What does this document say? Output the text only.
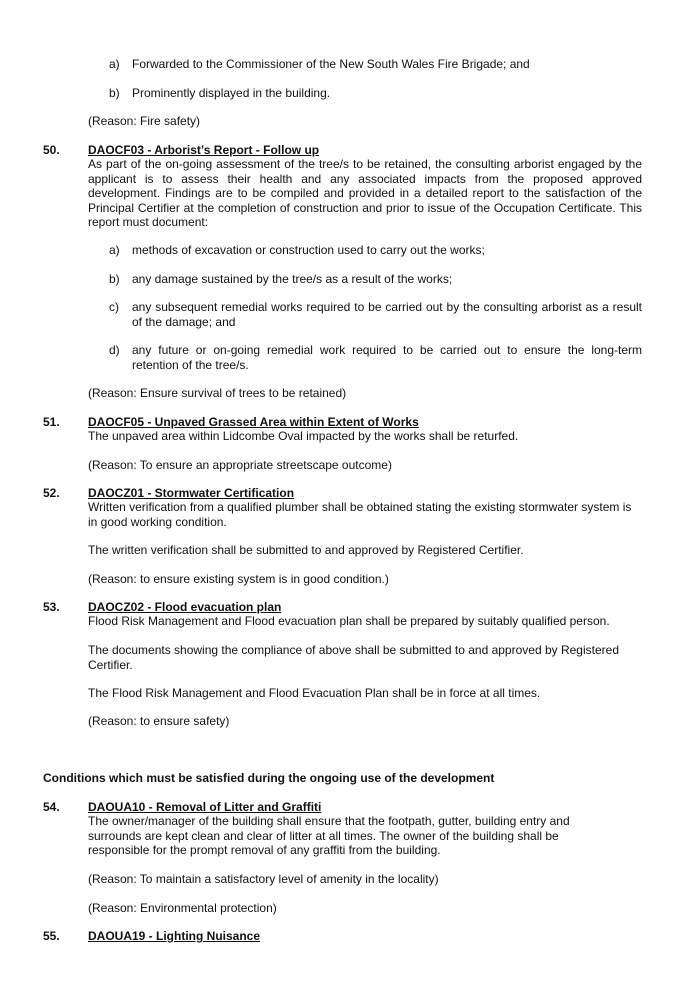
a) Forwarded to the Commissioner of the New South Wales Fire Brigade; and
b) Prominently displayed in the building.
(Reason: Fire safety)
50. DAOCF03 - Arborist’s Report - Follow up
As part of the on-going assessment of the tree/s to be retained, the consulting arborist engaged by the applicant is to assess their health and any associated impacts from the proposed approved development. Findings are to be compiled and provided in a detailed report to the satisfaction of the Principal Certifier at the completion of construction and prior to issue of the Occupation Certificate. This report must document:
a) methods of excavation or construction used to carry out the works;
b) any damage sustained by the tree/s as a result of the works;
c) any subsequent remedial works required to be carried out by the consulting arborist as a result of the damage; and
d) any future or on-going remedial work required to be carried out to ensure the long-term retention of the tree/s.
(Reason: Ensure survival of trees to be retained)
51. DAOCF05 - Unpaved Grassed Area within Extent of Works
The unpaved area within Lidcombe Oval impacted by the works shall be returfed.
(Reason: To ensure an appropriate streetscape outcome)
52. DAOCZ01 - Stormwater Certification
Written verification from a qualified plumber shall be obtained stating the existing stormwater system is in good working condition.
The written verification shall be submitted to and approved by Registered Certifier.
(Reason: to ensure existing system is in good condition.)
53. DAOCZ02 - Flood evacuation plan
Flood Risk Management and Flood evacuation plan shall be prepared by suitably qualified person.
The documents showing the compliance of above shall be submitted to and approved by Registered Certifier.
The Flood Risk Management and Flood Evacuation Plan shall be in force at all times.
(Reason: to ensure safety)
Conditions which must be satisfied during the ongoing use of the development
54. DAOUA10 - Removal of Litter and Graffiti
The owner/manager of the building shall ensure that the footpath, gutter, building entry and surrounds are kept clean and clear of litter at all times. The owner of the building shall be responsible for the prompt removal of any graffiti from the building.
(Reason: To maintain a satisfactory level of amenity in the locality)
(Reason: Environmental protection)
55. DAOUA19 - Lighting Nuisance
